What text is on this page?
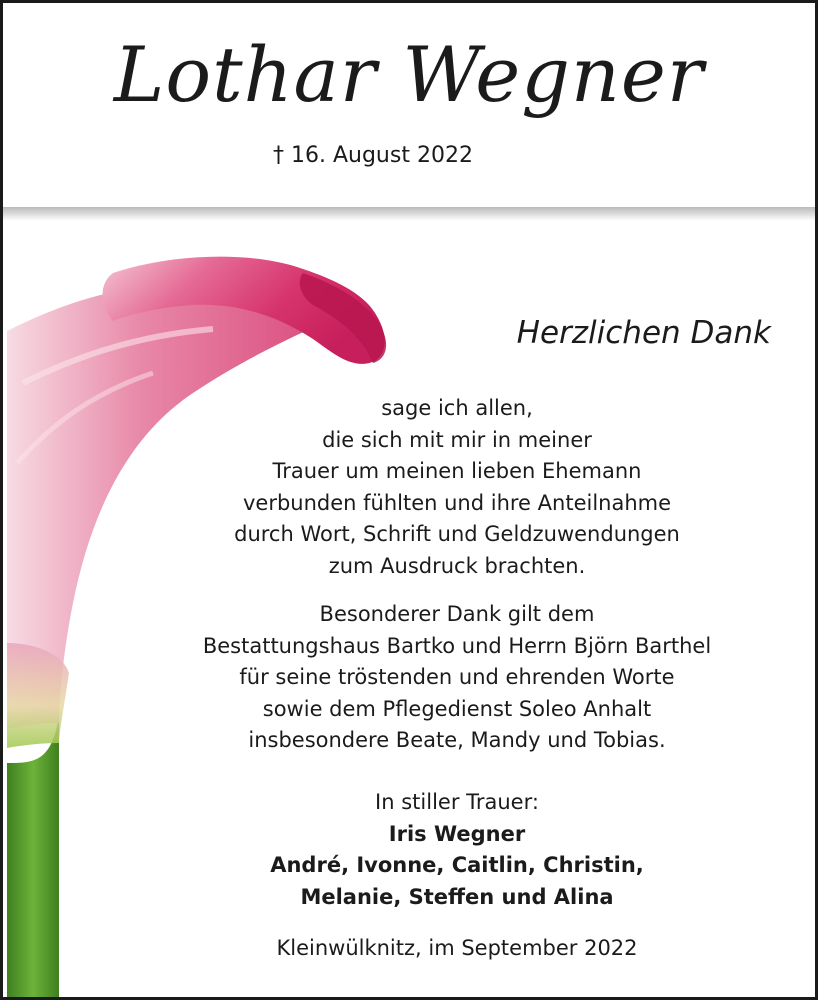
Lothar Wegner
† 16. August 2022
Herzlichen Dank
sage ich allen,
die sich mit mir in meiner
Trauer um meinen lieben Ehemann
verbunden fühlten und ihre Anteilnahme
durch Wort, Schrift und Geldzuwendungen
zum Ausdruck brachten.
Besonderer Dank gilt dem
Bestattungshaus Bartko und Herrn Björn Barthel
für seine tröstenden und ehrenden Worte
sowie dem Pflegedienst Soleo Anhalt
insbesondere Beate, Mandy und Tobias.
In stiller Trauer:
Iris Wegner
André, Ivonne, Caitlin, Christin,
Melanie, Steffen und Alina
Kleinwülknitz, im September 2022
